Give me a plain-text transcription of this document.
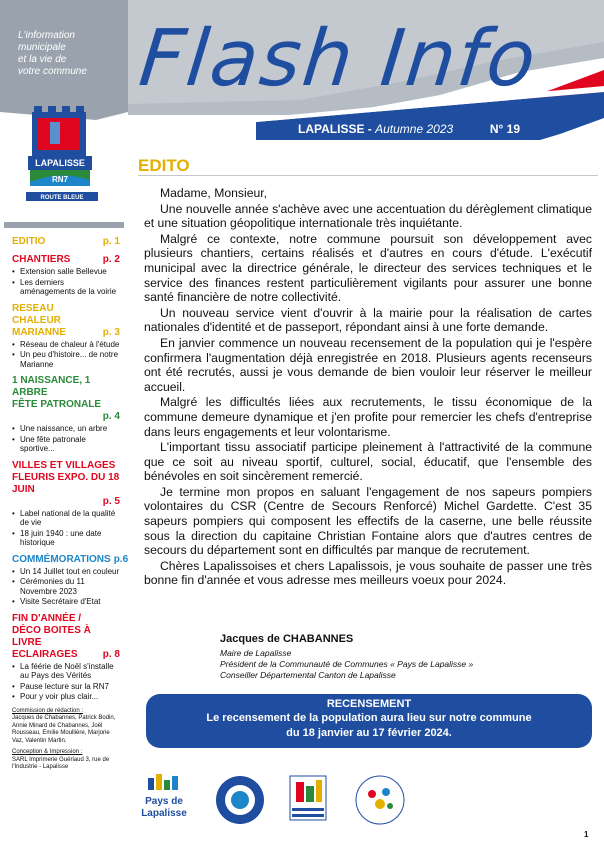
L'information
municipale
et la vie de
votre commune Flash Info
LAPALISSE - Autumne 2023	N° 19
LAPALISSE
RN7
ROUTE BLEUE
EDITIO	p. 1
CHANTIERS	p. 2
• Extension salle Bellevue
• Les derniers aménagements de la voirie
RESEAU CHALEUR MARIANNE	p. 3
• Réseau de chaleur à l'étude
• Un peu d'histoire... de notre Marianne
1 NAISSANCE, 1 ARBRE
FÊTE PATRONALE
p. 4
• Une naissance, un arbre
• Une fête patronale sportive...
VILLES ET VILLAGES FLEURIS EXPO. DU 18 JUIN
p. 5
• Label national de la qualité de vie
• 18 juin 1940 : une date historique
COMMÉMORATIONS p.6
• Un 14 Juillet tout en couleur
• Cérémonies du 11 Novembre 2023
• Visite Secrétaire d'Etat
FIN D'ANNÉE / DÉCO BOITES À LIVRE ECLAIRAGES	p. 8
• La féérie de Noël s'installe au Pays des Vérités
• Pause lecture sur la RN7
• Pour y voir plus clair...
Commission de rédaction :
Jacques de Chabannes, Patrick Bodin, Annie Minard de Chabannes, Joël Rousseau, Emilie Moullière, Marjorie Vaz, Valentin Martin.
Conception & Impression :
SARL Imprimerie Guériaud 3, rue de l'Industrie - Lapalisse
EDITO

Madame, Monsieur,

Une nouvelle année s'achève avec une accentuation du dérèglement climatique et une situation géopolitique internationale très inquiétante.

Malgré ce contexte, notre commune poursuit son développement avec plusieurs chantiers, certains réalisés et d'autres en cours d'étude. L'exécutif municipal avec la directrice générale, le directeur des services techniques et le service des finances restent particulièrement vigilants pour assurer une bonne santé financière de notre collectivité.

Un nouveau service vient d'ouvrir à la mairie pour la réalisation de cartes nationales d'identité et de passeport, répondant ainsi à une forte demande.

En janvier commence un nouveau recensement de la population qui je l'espère confirmera l'augmentation déjà enregistrée en 2018. Plusieurs agents recenseurs ont été recrutés, aussi je vous demande de bien vouloir leur réserver le meilleur accueil.

Malgré les difficultés liées aux recrutements, le tissu économique de la commune demeure dynamique et j'en profite pour remercier les chefs d'entreprise dans leurs engagements et leur volontarisme.

L'important tissu associatif participe pleinement à l'attractivité de la commune que ce soit au niveau sportif, culturel, social, éducatif, que l'ensemble des bénévoles en soit sincèrement remercié.

Je termine mon propos en saluant l'engagement de nos sapeurs pompiers volontaires du CSR (Centre de Secours Renforcé) Michel Gardette. C'est 35 sapeurs pompiers qui composent les effectifs de la caserne, une belle réussite sous la direction du capitaine Christian Fontaine alors que d'autres centres de secours du département sont en difficultés par manque de recrutement.

Chères Lapalissoises et chers Lapalissois, je vous souhaite de passer une très bonne fin d'année et vous adresse mes meilleurs voeux pour 2024.

Jacques de CHABANNES
Maire de Lapalisse
Président de la Communauté de Communes « Pays de Lapalisse »
Conseiller Départemental Canton de Lapalisse
RECENSEMENT
Le recensement de la population aura lieu sur notre commune
du 18 janvier au 17 février 2024.
Pays de
Lapalisse
1
